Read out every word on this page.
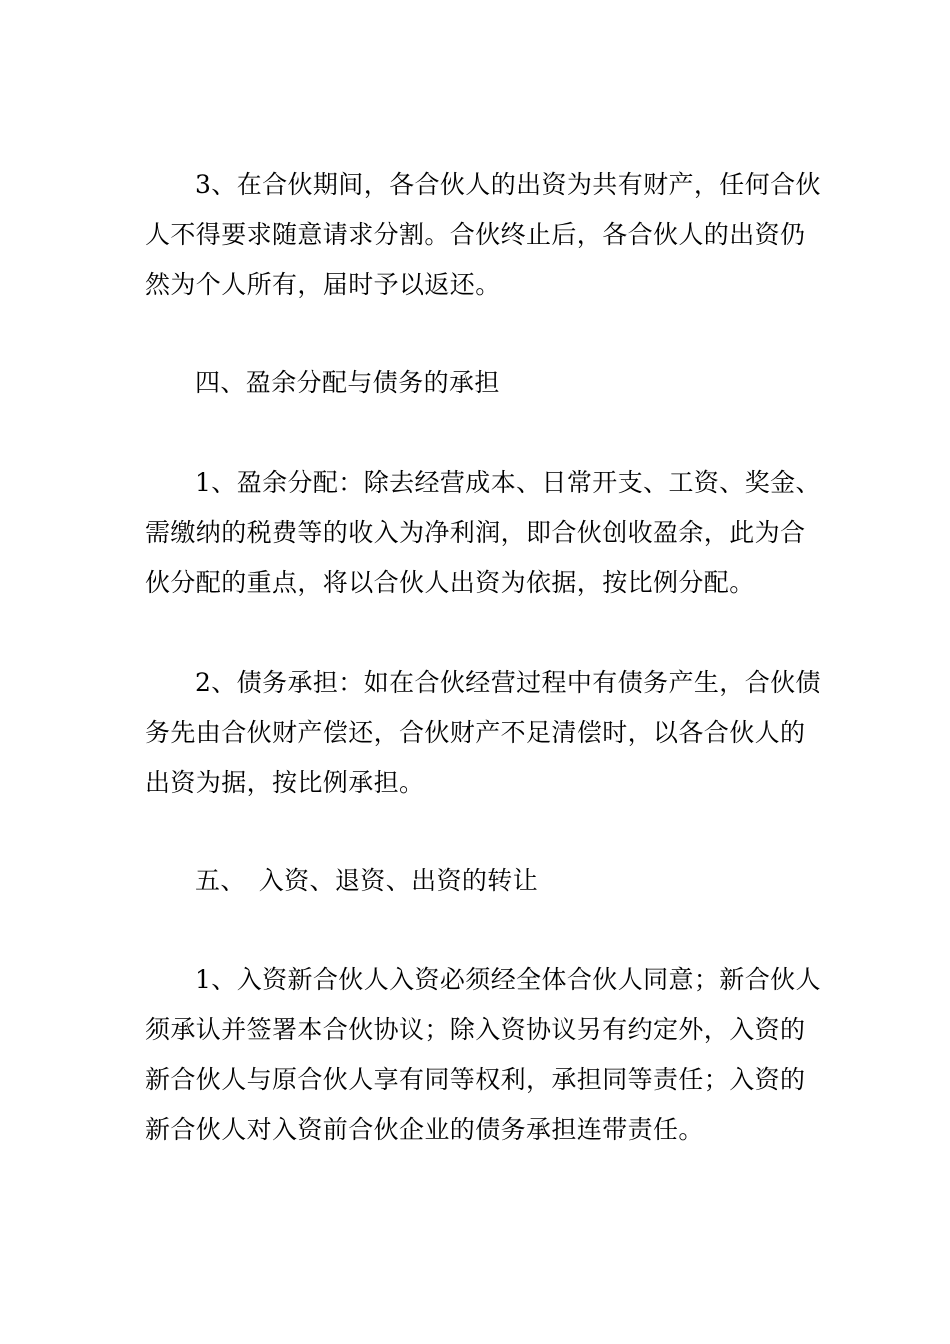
3、在合伙期间，各合伙人的出资为共有财产，任何合伙人不得要求随意请求分割。合伙终止后，各合伙人的出资仍然为个人所有，届时予以返还。

四、盈余分配与债务的承担

1、盈余分配：除去经营成本、日常开支、工资、奖金、需缴纳的税费等的收入为净利润，即合伙创收盈余，此为合伙分配的重点，将以合伙人出资为依据，按比例分配。

2、债务承担：如在合伙经营过程中有债务产生，合伙债务先由合伙财产偿还，合伙财产不足清偿时，以各合伙人的出资为据，按比例承担。

五、　入资、退资、出资的转让

1、入资新合伙人入资必须经全体合伙人同意；新合伙人须承认并签署本合伙协议；除入资协议另有约定外，入资的新合伙人与原合伙人享有同等权利，承担同等责任；入资的新合伙人对入资前合伙企业的债务承担连带责任。
